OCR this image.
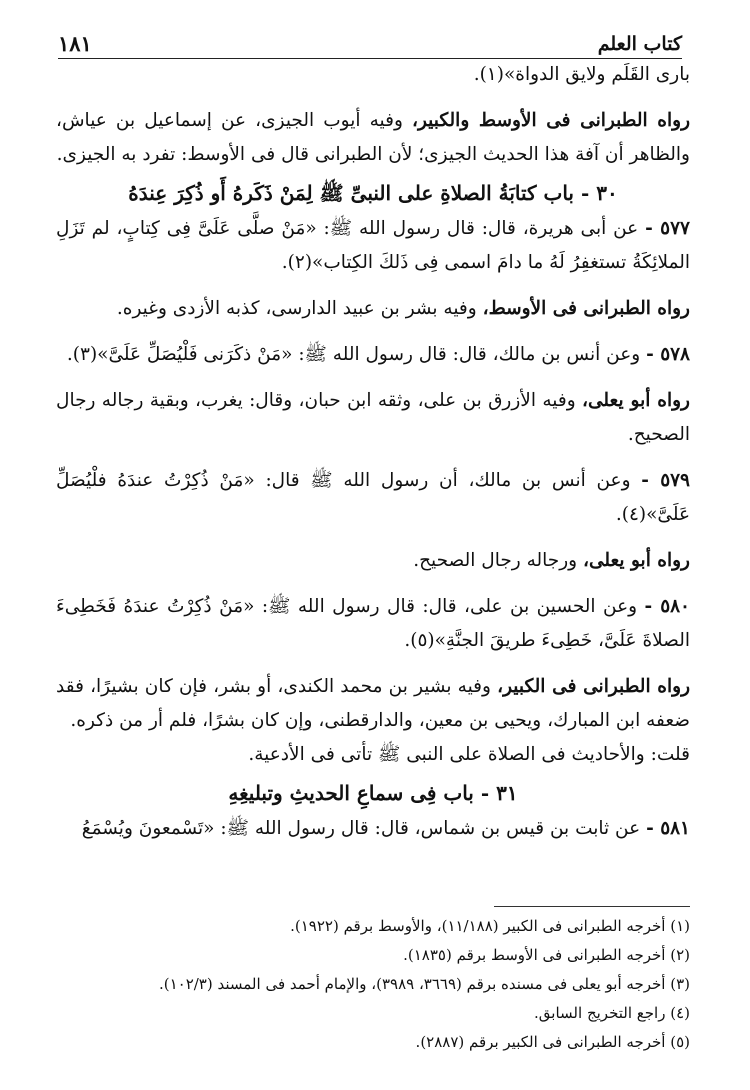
كتاب العلم
١٨١

بارى القَلَم ولايق الدواة»(١).

رواه الطبرانى فى الأوسط والكبير، وفيه أيوب الجيزى، عن إسماعيل بن عياش، والظاهر أن آفة هذا الحديث الجيزى؛ لأن الطبرانى قال فى الأوسط: تفرد به الجيزى.

٣٠ - باب كتابَةُ الصلاةِ على النبىِّ ﷺ لِمَنْ ذَكَرهُ أَو ذُكِرَ عِندَهُ

٥٧٧ - عن أبى هريرة، قال: قال رسول الله ﷺ: «مَنْ صلَّى عَلَىَّ فِى كِتابٍ، لم تَزَلِ الملائِكَةُ تستغفِرُ لَهُ ما دامَ اسمى فِى ذَلكَ الكِتاب»(٢).

رواه الطبرانى فى الأوسط، وفيه بشر بن عبيد الدارسى، كذبه الأزدى وغيره.

٥٧٨ - وعن أنس بن مالك، قال: قال رسول الله ﷺ: «مَنْ ذكَرَنى فَلْيُصَلِّ عَلَىَّ»(٣).

رواه أبو يعلى، وفيه الأزرق بن على، وثقه ابن حبان، وقال: يغرب، وبقية رجاله رجال الصحيح.

٥٧٩ - وعن أنس بن مالك، أن رسول الله ﷺ قال: «مَنْ ذُكِرْتُ عندَهُ فلْيُصَلِّ عَلَىَّ»(٤).

رواه أبو يعلى، ورجاله رجال الصحيح.

٥٨٠ - وعن الحسين بن على، قال: قال رسول الله ﷺ: «مَنْ ذُكِرْتُ عندَهُ فَخَطِىءَ الصلاةَ عَلَىَّ، خَطِىءَ طريقَ الجنَّةِ»(٥).

رواه الطبرانى فى الكبير، وفيه بشير بن محمد الكندى، أو بشر، فإن كان بشيرًا، فقد ضعفه ابن المبارك، ويحيى بن معين، والدارقطنى، وإن كان بشرًا، فلم أر من ذكره.

قلت: والأحاديث فى الصلاة على النبى ﷺ تأتى فى الأدعية.

٣١ - باب فِى سماعِ الحديثِ وتبليغِهِ

٥٨١ - عن ثابت بن قيس بن شماس، قال: قال رسول الله ﷺ: «تَسْمعونَ ويُسْمَعُ

(١) أخرجه الطبرانى فى الكبير (١١/١٨٨)، والأوسط برقم (١٩٢٢).

(٢) أخرجه الطبرانى فى الأوسط برقم (١٨٣٥).

(٣) أخرجه أبو يعلى فى مسنده برقم (٣٦٦٩، ٣٩٨٩)، والإمام أحمد فى المسند (١٠٢/٣).

(٤) راجع التخريج السابق.

(٥) أخرجه الطبرانى فى الكبير برقم (٢٨٨٧).
